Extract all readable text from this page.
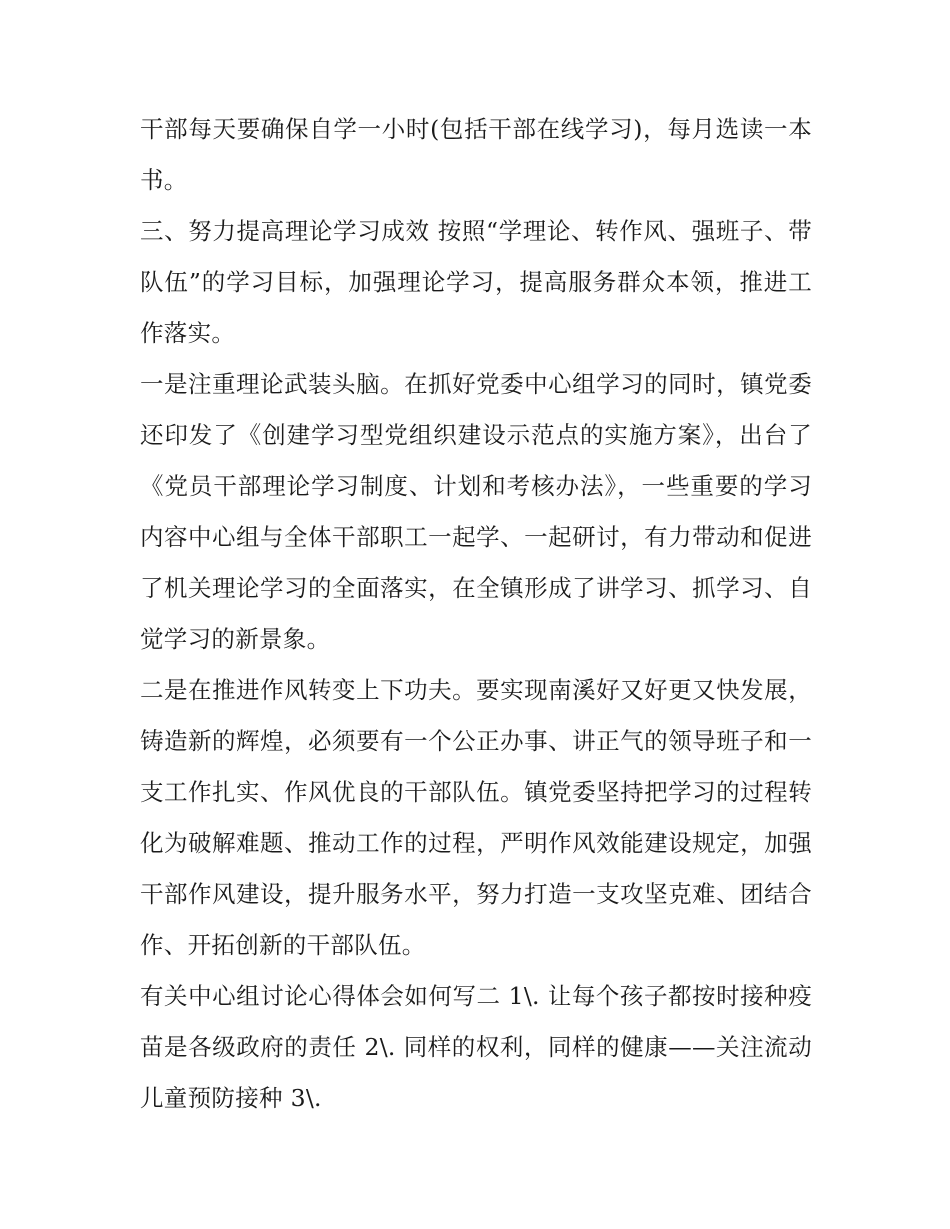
干部每天要确保自学一小时(包括干部在线学习)，每月选读一本书。

三、努力提高理论学习成效 按照“学理论、转作风、强班子、带队伍”的学习目标，加强理论学习，提高服务群众本领，推进工作落实。

一是注重理论武装头脑。在抓好党委中心组学习的同时，镇党委还印发了《创建学习型党组织建设示范点的实施方案》，出台了《党员干部理论学习制度、计划和考核办法》，一些重要的学习内容中心组与全体干部职工一起学、一起研讨，有力带动和促进了机关理论学习的全面落实，在全镇形成了讲学习、抓学习、自觉学习的新景象。

二是在推进作风转变上下功夫。要实现南溪好又好更又快发展，铸造新的辉煌，必须要有一个公正办事、讲正气的领导班子和一支工作扎实、作风优良的干部队伍。镇党委坚持把学习的过程转化为破解难题、推动工作的过程，严明作风效能建设规定，加强干部作风建设，提升服务水平，努力打造一支攻坚克难、团结合作、开拓创新的干部队伍。

有关中心组讨论心得体会如何写二 1\. 让每个孩子都按时接种疫苗是各级政府的责任 2\. 同样的权利，同样的健康——关注流动儿童预防接种 3\.
